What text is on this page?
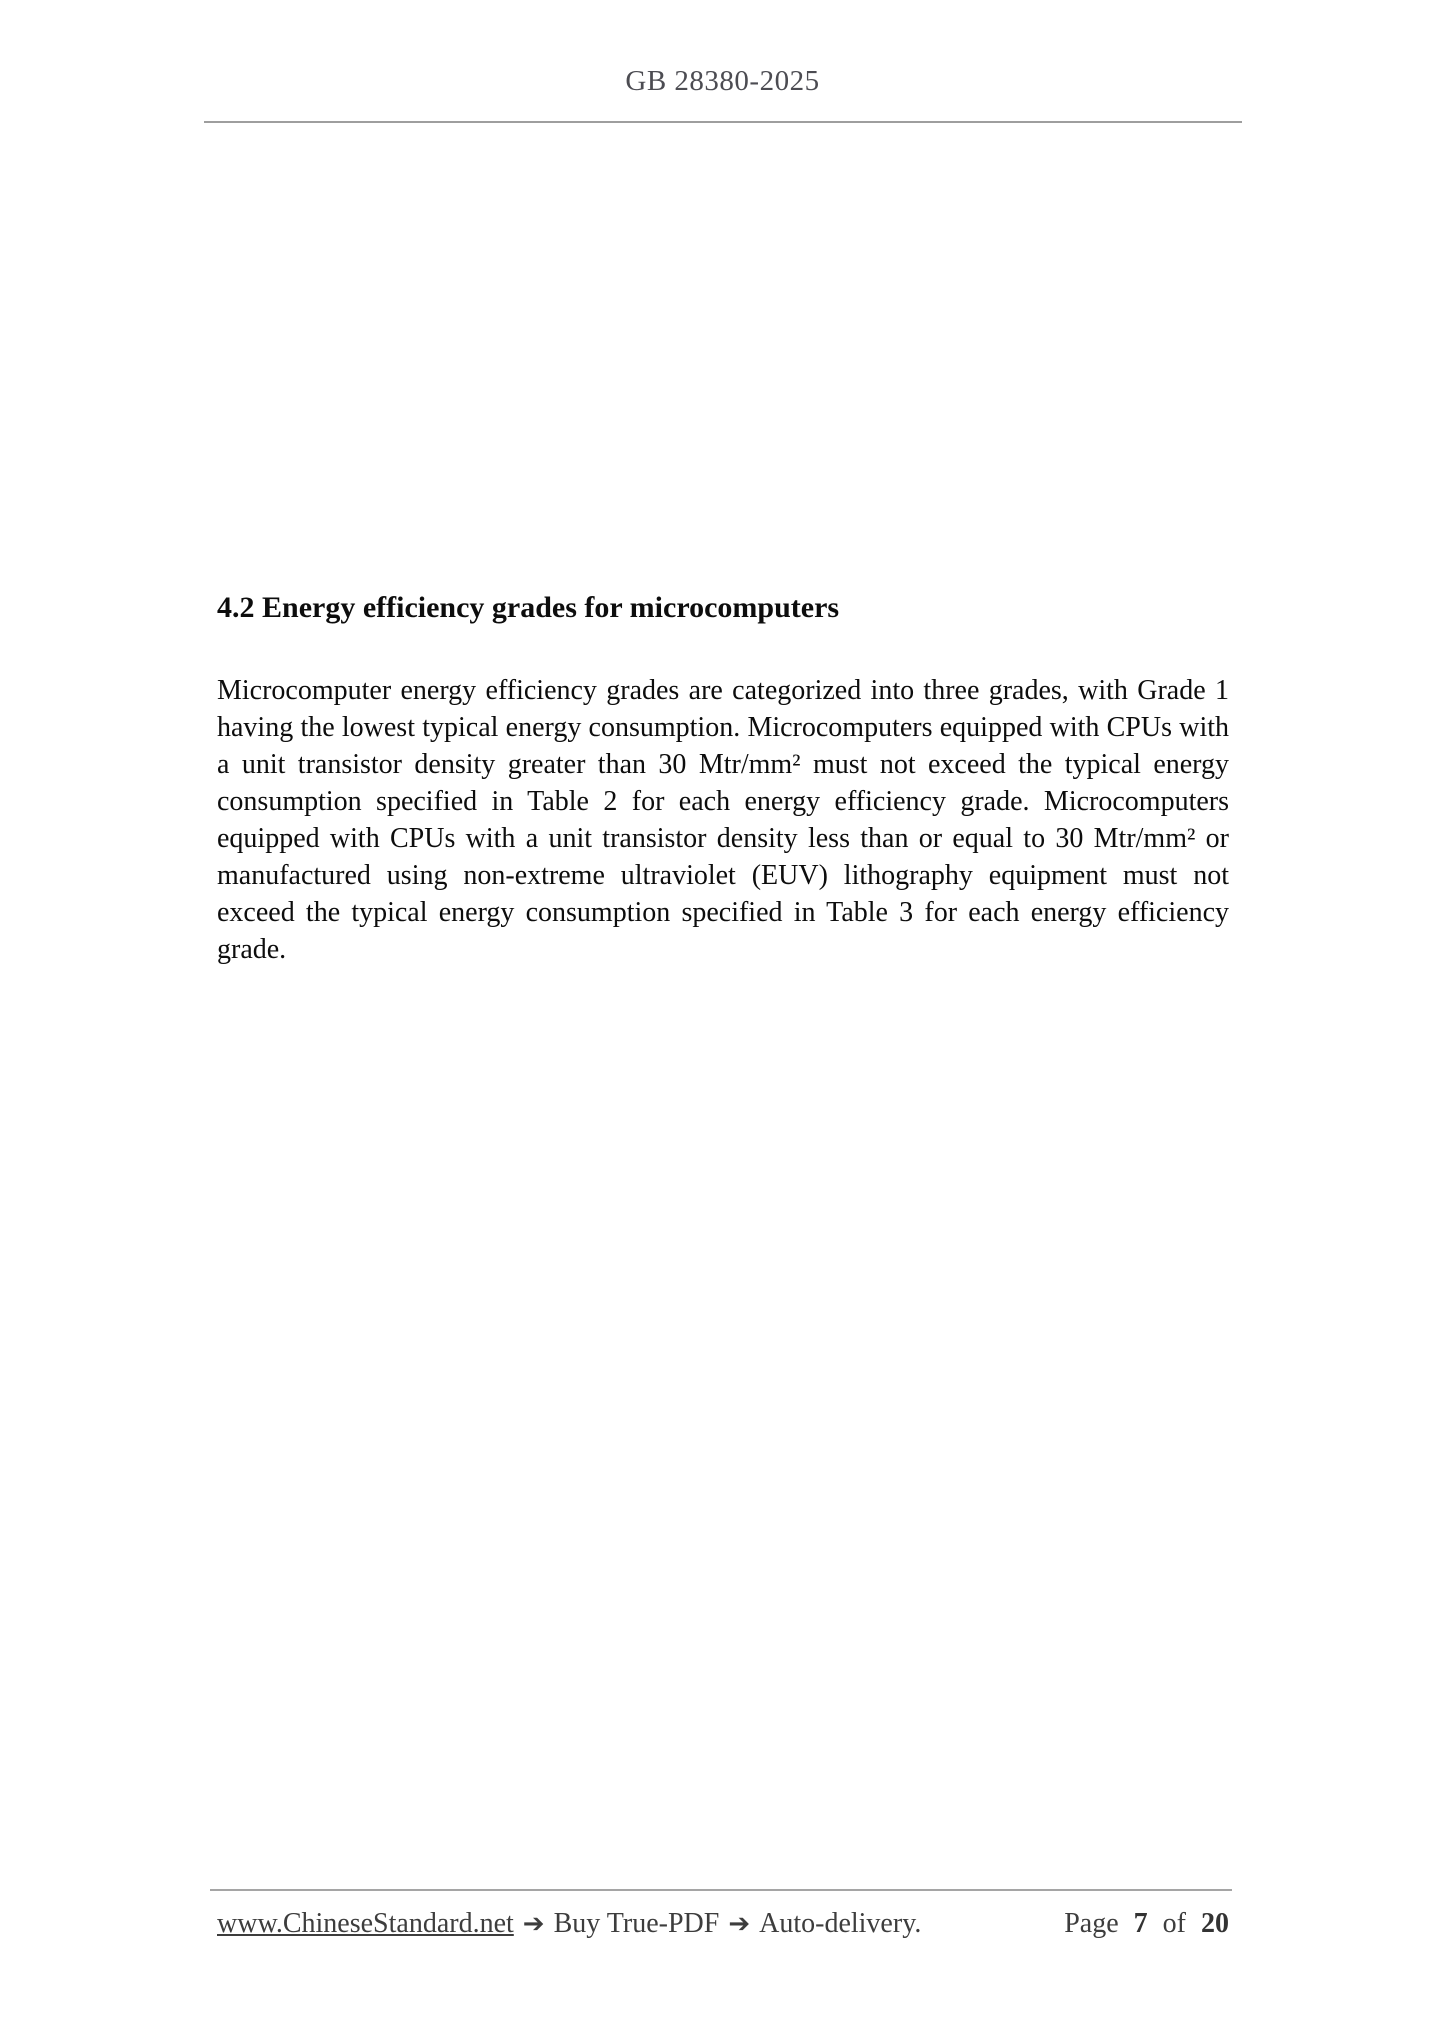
GB 28380-2025
4.2 Energy efficiency grades for microcomputers

Microcomputer energy efficiency grades are categorized into three grades, with Grade 1 having the lowest typical energy consumption. Microcomputers equipped with CPUs with a unit transistor density greater than 30 Mtr/mm² must not exceed the typical energy consumption specified in Table 2 for each energy efficiency grade. Microcomputers equipped with CPUs with a unit transistor density less than or equal to 30 Mtr/mm² or manufactured using non-extreme ultraviolet (EUV) lithography equipment must not exceed the typical energy consumption specified in Table 3 for each energy efficiency grade.

www.ChineseStandard.net ➔ Buy True-PDF ➔ Auto-delivery.	Page 7 of 20
